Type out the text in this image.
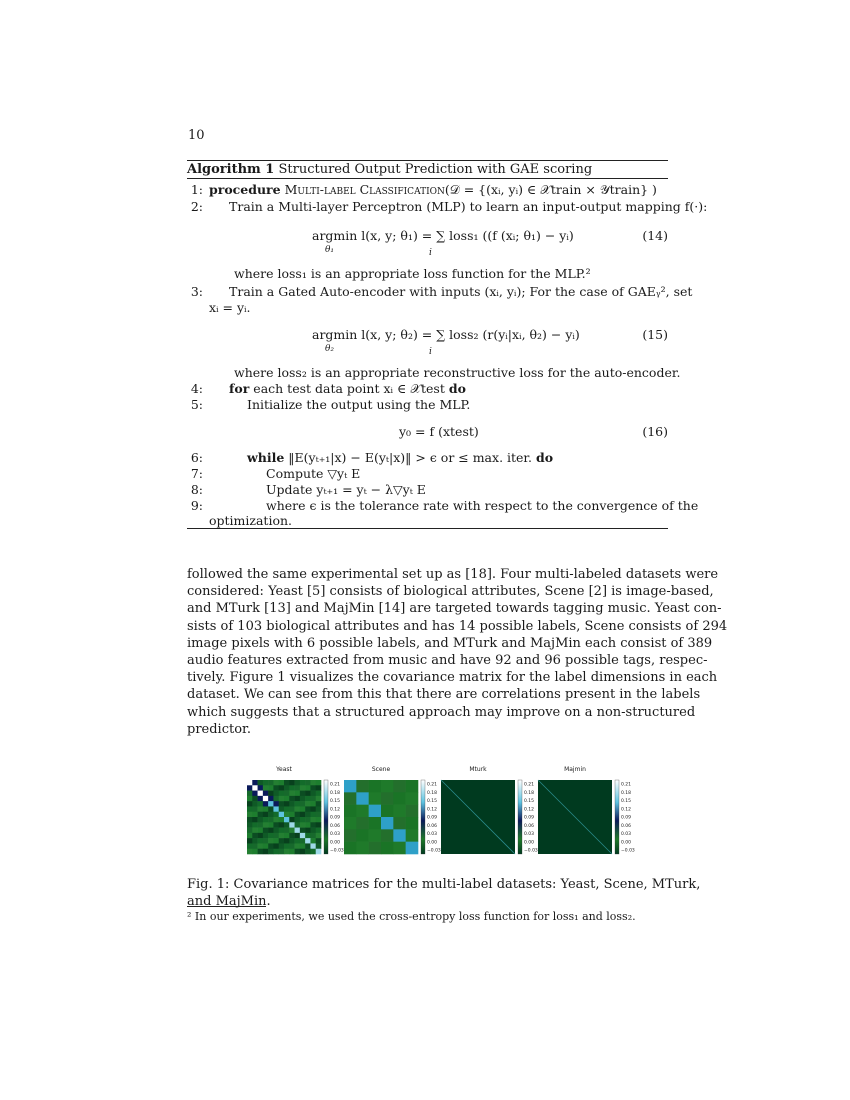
10
Algorithm 1 Structured Output Prediction with GAE scoring
1: procedure Multi-label Classification(𝒟 = {(xᵢ, yᵢ) ∈ 𝒳train × 𝒴train} )
2: Train a Multi-layer Perceptron (MLP) to learn an input-output mapping f(·):
argmin l(x, y; θ₁) = ∑ loss₁ ((f (xᵢ; θ₁) − yᵢ)
θ₁	i
(14)
where loss₁ is an appropriate loss function for the MLP.²
3: Train a Gated Auto-encoder with inputs (xᵢ, yᵢ); For the case of GAEᵧ², set
xᵢ = yᵢ.
argmin l(x, y; θ₂) = ∑ loss₂ (r(yᵢ|xᵢ, θ₂) − yᵢ)
θ₂	i
(15)
where loss₂ is an appropriate reconstructive loss for the auto-encoder.
4: for each test data point xᵢ ∈ 𝒳test do
5:	Initialize the output using the MLP.
y₀ = f (xtest)	(16)
6:	while ‖E(yₜ₊₁|x) − E(yₜ|x)‖ > ϵ or ≤ max. iter. do
7:	Compute ▽yₜ E
8:	Update yₜ₊₁ = yₜ − λ▽yₜ E
9:	where ϵ is the tolerance rate with respect to the convergence of the
optimization.
followed the same experimental set up as [18]. Four multi-labeled datasets were
considered: Yeast [5] consists of biological attributes, Scene [2] is image-based,
and MTurk [13] and MajMin [14] are targeted towards tagging music. Yeast con-
sists of 103 biological attributes and has 14 possible labels, Scene consists of 294
image pixels with 6 possible labels, and MTurk and MajMin each consist of 389
audio features extracted from music and have 92 and 96 possible tags, respec-
tively. Figure 1 visualizes the covariance matrix for the label dimensions in each
dataset. We can see from this that there are correlations present in the labels
which suggests that a structured approach may improve on a non-structured
predictor.
Yeast	Scene	Mturk	Majmin
0.21
0.18
0.15
0.12
0.09
0.06
0.03
0.00
−0.03
0.21
0.18
0.15
0.12
0.09
0.06
0.03
0.00
−0.03
0.21
0.18
0.15
0.12
0.09
0.06
0.03
0.00
−0.03
0.21
0.18
0.15
0.12
0.09
0.06
0.03
0.00
−0.03
Fig. 1: Covariance matrices for the multi-label datasets: Yeast, Scene, MTurk,
and MajMin.
² In our experiments, we used the cross-entropy loss function for loss₁ and loss₂.
